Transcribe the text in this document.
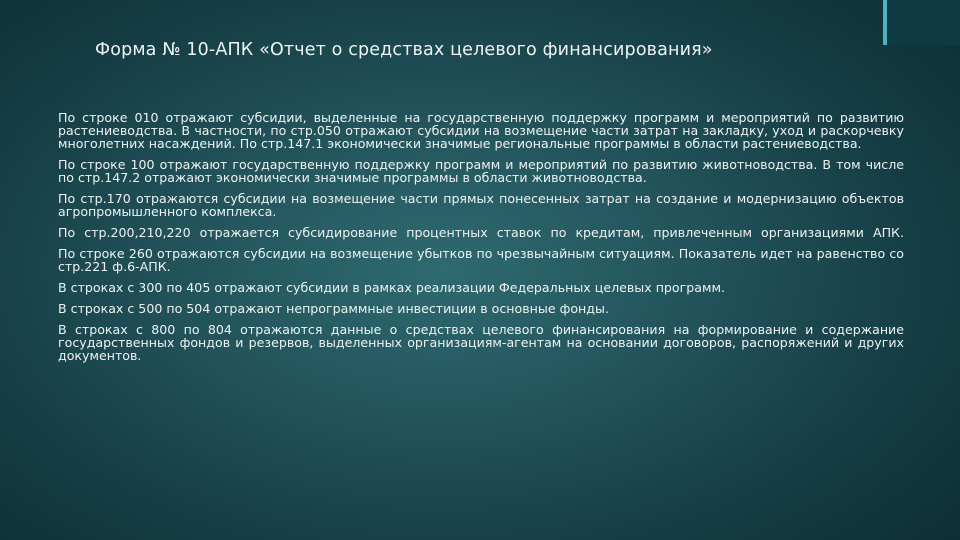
Форма № 10-АПК «Отчет о средствах целевого финансирования»

По строке 010 отражают субсидии, выделенные на государственную поддержку программ и мероприятий по развитию растениеводства. В частности, по стр.050 отражают субсидии на возмещение части затрат на закладку, уход и раскорчевку многолетних насаждений. По стр.147.1 экономически значимые региональные программы в области растениеводства.

По строке 100 отражают государственную поддержку программ и мероприятий по развитию животноводства. В том числе по стр.147.2 отражают экономически значимые программы в области животноводства.

По стр.170 отражаются субсидии на возмещение части прямых понесенных затрат на создание и модернизацию объектов агропромышленного комплекса.

По стр.200,210,220 отражается субсидирование процентных ставок по кредитам, привлеченным организациями АПК.

По строке 260 отражаются субсидии на возмещение убытков по чрезвычайным ситуациям. Показатель идет на равенство со стр.221 ф.6-АПК.

В строках с 300 по 405 отражают субсидии в рамках реализации Федеральных целевых программ.

В строках с 500 по 504 отражают непрограммные инвестиции в основные фонды.

В строках с 800 по 804 отражаются данные о средствах целевого финансирования на формирование и содержание государственных фондов и резервов, выделенных организациям-агентам на основании договоров, распоряжений и других документов.
